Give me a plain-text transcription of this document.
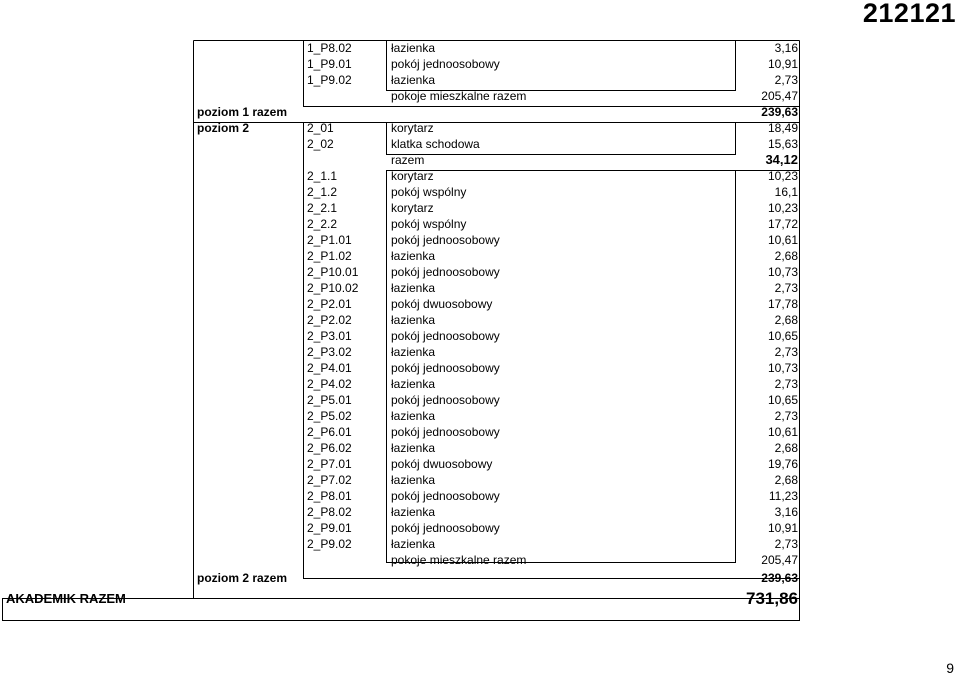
212121
1_P8.02	łazienka	3,16
1_P9.01	pokój jednoosobowy	10,91
1_P9.02	łazienka	2,73
pokoje mieszkalne razem	205,47
poziom 1 razem	239,63
poziom 2	2_01	korytarz	18,49
2_02	klatka schodowa	15,63
razem	34,12
2_1.1	korytarz	10,23
2_1.2	pokój wspólny	16,1
2_2.1	korytarz	10,23
2_2.2	pokój wspólny	17,72
2_P1.01	pokój jednoosobowy	10,61
2_P1.02	łazienka	2,68
2_P10.01	pokój jednoosobowy	10,73
2_P10.02	łazienka	2,73
2_P2.01	pokój dwuosobowy	17,78
2_P2.02	łazienka	2,68
2_P3.01	pokój jednoosobowy	10,65
2_P3.02	łazienka	2,73
2_P4.01	pokój jednoosobowy	10,73
2_P4.02	łazienka	2,73
2_P5.01	pokój jednoosobowy	10,65
2_P5.02	łazienka	2,73
2_P6.01	pokój jednoosobowy	10,61
2_P6.02	łazienka	2,68
2_P7.01	pokój dwuosobowy	19,76
2_P7.02	łazienka	2,68
2_P8.01	pokój jednoosobowy	11,23
2_P8.02	łazienka	3,16
2_P9.01	pokój jednoosobowy	10,91
2_P9.02	łazienka	2,73
pokoje mieszkalne razem	205,47
poziom 2 razem	239,63
AKADEMIK RAZEM	731,86
9
